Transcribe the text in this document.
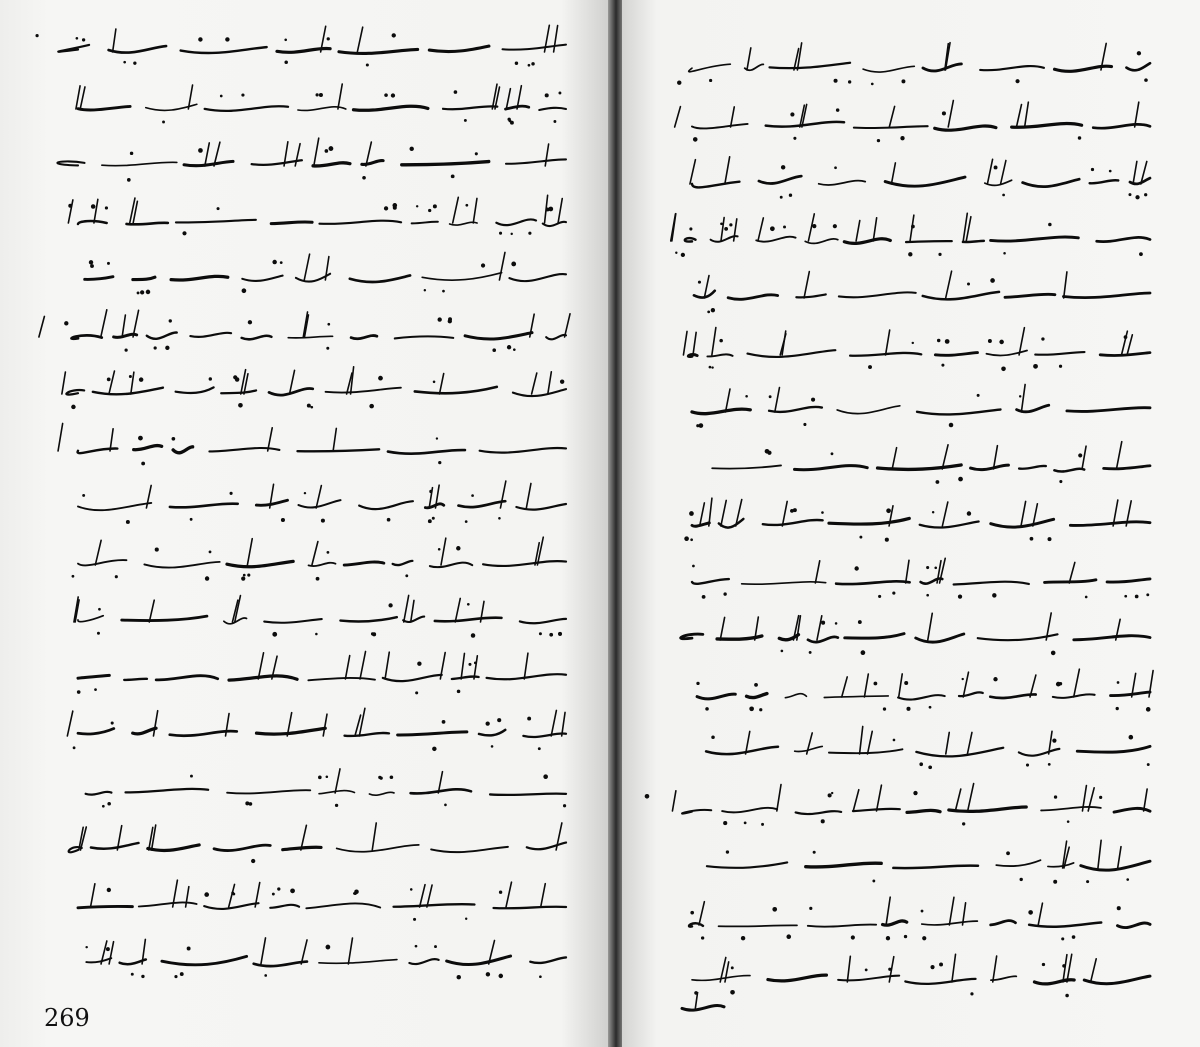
269
